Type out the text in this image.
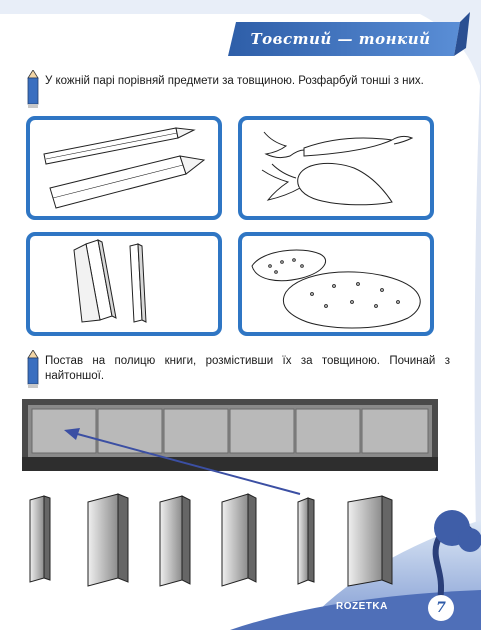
Товстий — тонкий
У кожній парі порівняй предмети за товщиною. Розфарбуй тонші з них.
Постав на полицю книги, розмістивши їх за товщиною. Починай з найтоншої.
ROZETKA	7
